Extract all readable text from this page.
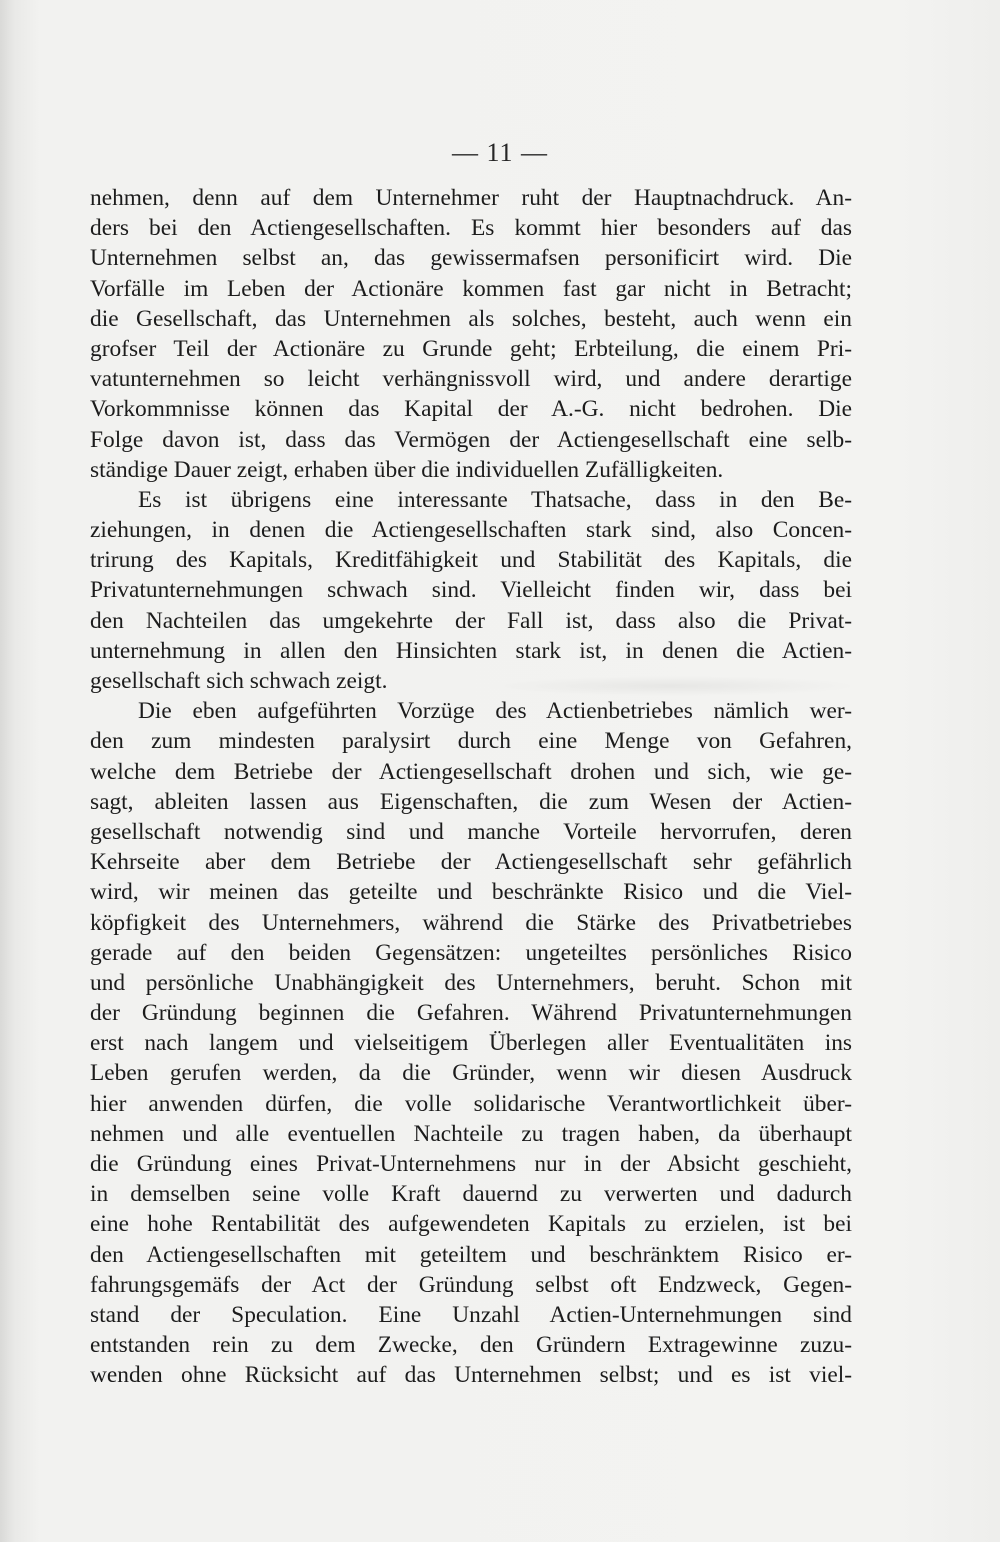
— 11 —
nehmen, denn auf dem Unternehmer ruht der Hauptnachdruck. An-
ders bei den Actiengesellschaften. Es kommt hier besonders auf das
Unternehmen selbst an, das gewissermafsen personificirt wird. Die
Vorfälle im Leben der Actionäre kommen fast gar nicht in Betracht;
die Gesellschaft, das Unternehmen als solches, besteht, auch wenn ein
grofser Teil der Actionäre zu Grunde geht; Erbteilung, die einem Pri-
vatunternehmen so leicht verhängnissvoll wird, und andere derartige
Vorkommnisse können das Kapital der A.-G. nicht bedrohen. Die
Folge davon ist, dass das Vermögen der Actiengesellschaft eine selb-
ständige Dauer zeigt, erhaben über die individuellen Zufälligkeiten.
Es ist übrigens eine interessante Thatsache, dass in den Be-
ziehungen, in denen die Actiengesellschaften stark sind, also Concen-
trirung des Kapitals, Kreditfähigkeit und Stabilität des Kapitals, die
Privatunternehmungen schwach sind. Vielleicht finden wir, dass bei
den Nachteilen das umgekehrte der Fall ist, dass also die Privat-
unternehmung in allen den Hinsichten stark ist, in denen die Actien-
gesellschaft sich schwach zeigt.
Die eben aufgeführten Vorzüge des Actienbetriebes nämlich wer-
den zum mindesten paralysirt durch eine Menge von Gefahren,
welche dem Betriebe der Actiengesellschaft drohen und sich, wie ge-
sagt, ableiten lassen aus Eigenschaften, die zum Wesen der Actien-
gesellschaft notwendig sind und manche Vorteile hervorrufen, deren
Kehrseite aber dem Betriebe der Actiengesellschaft sehr gefährlich
wird, wir meinen das geteilte und beschränkte Risico und die Viel-
köpfigkeit des Unternehmers, während die Stärke des Privatbetriebes
gerade auf den beiden Gegensätzen: ungeteiltes persönliches Risico
und persönliche Unabhängigkeit des Unternehmers, beruht. Schon mit
der Gründung beginnen die Gefahren. Während Privatunternehmungen
erst nach langem und vielseitigem Überlegen aller Eventualitäten ins
Leben gerufen werden, da die Gründer, wenn wir diesen Ausdruck
hier anwenden dürfen, die volle solidarische Verantwortlichkeit über-
nehmen und alle eventuellen Nachteile zu tragen haben, da überhaupt
die Gründung eines Privat-Unternehmens nur in der Absicht geschieht,
in demselben seine volle Kraft dauernd zu verwerten und dadurch
eine hohe Rentabilität des aufgewendeten Kapitals zu erzielen, ist bei
den Actiengesellschaften mit geteiltem und beschränktem Risico er-
fahrungsgemäfs der Act der Gründung selbst oft Endzweck, Gegen-
stand der Speculation. Eine Unzahl Actien-Unternehmungen sind
entstanden rein zu dem Zwecke, den Gründern Extragewinne zuzu-
wenden ohne Rücksicht auf das Unternehmen selbst; und es ist viel-
